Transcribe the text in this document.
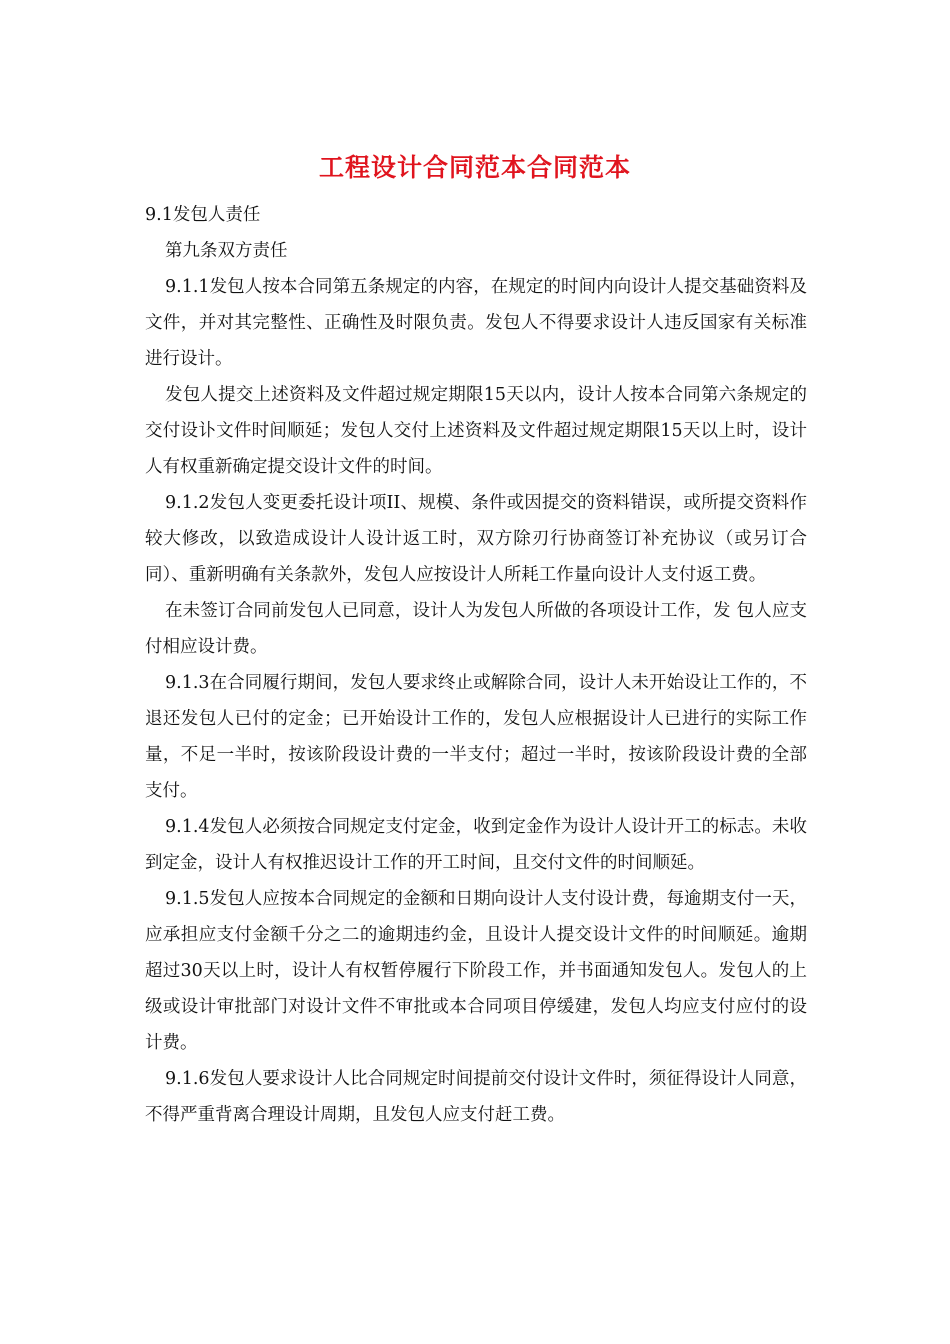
工程设计合同范本合同范本

9.1发包人责任

第九条双方责任

9.1.1发包人按本合同第五条规定的内容，在规定的时间内向设计人提交基础资料及文件，并对其完整性、正确性及时限负责。发包人不得要求设计人违反国家有关标准进行设计。

发包人提交上述资料及文件超过规定期限15天以内，设计人按本合同第六条规定的交付设讣文件时间顺延；发包人交付上述资料及文件超过规定期限15天以上时，设计人有权重新确定提交设计文件的时间。

9.1.2发包人变更委托设计项II、规模、条件或因提交的资料错误，或所提交资料作较大修改，以致造成设计人设计返工时，双方除刃行协商签订补充协议（或另订合同）、重新明确有关条款外，发包人应按设计人所耗工作量向设计人支付返工费。

在未签订合同前发包人已同意，设计人为发包人所做的各项设计工作，发 包人应支付相应设计费。

9.1.3在合同履行期间，发包人要求终止或解除合同，设计人未开始设让工作的，不退还发包人已付的定金；已开始设计工作的，发包人应根据设计人已进行的实际工作量，不足一半时，按该阶段设计费的一半支付；超过一半时，按该阶段设计费的全部支付。

9.1.4发包人必须按合同规定支付定金，收到定金作为设计人设计开工的标志。未收到定金，设计人有权推迟设计工作的开工时间，且交付文件的时间顺延。

9.1.5发包人应按本合同规定的金额和日期向设计人支付设计费，每逾期支付一天，应承担应支付金额千分之二的逾期违约金，且设计人提交设计文件的时间顺延。逾期超过30天以上时，设计人有权暂停履行下阶段工作，并书面通知发包人。发包人的上级或设计审批部门对设计文件不审批或本合同项目停缓建，发包人均应支付应付的设计费。

9.1.6发包人要求设计人比合同规定时间提前交付设计文件时，须征得设计人同意，不得严重背离合理设计周期，且发包人应支付赶工费。
